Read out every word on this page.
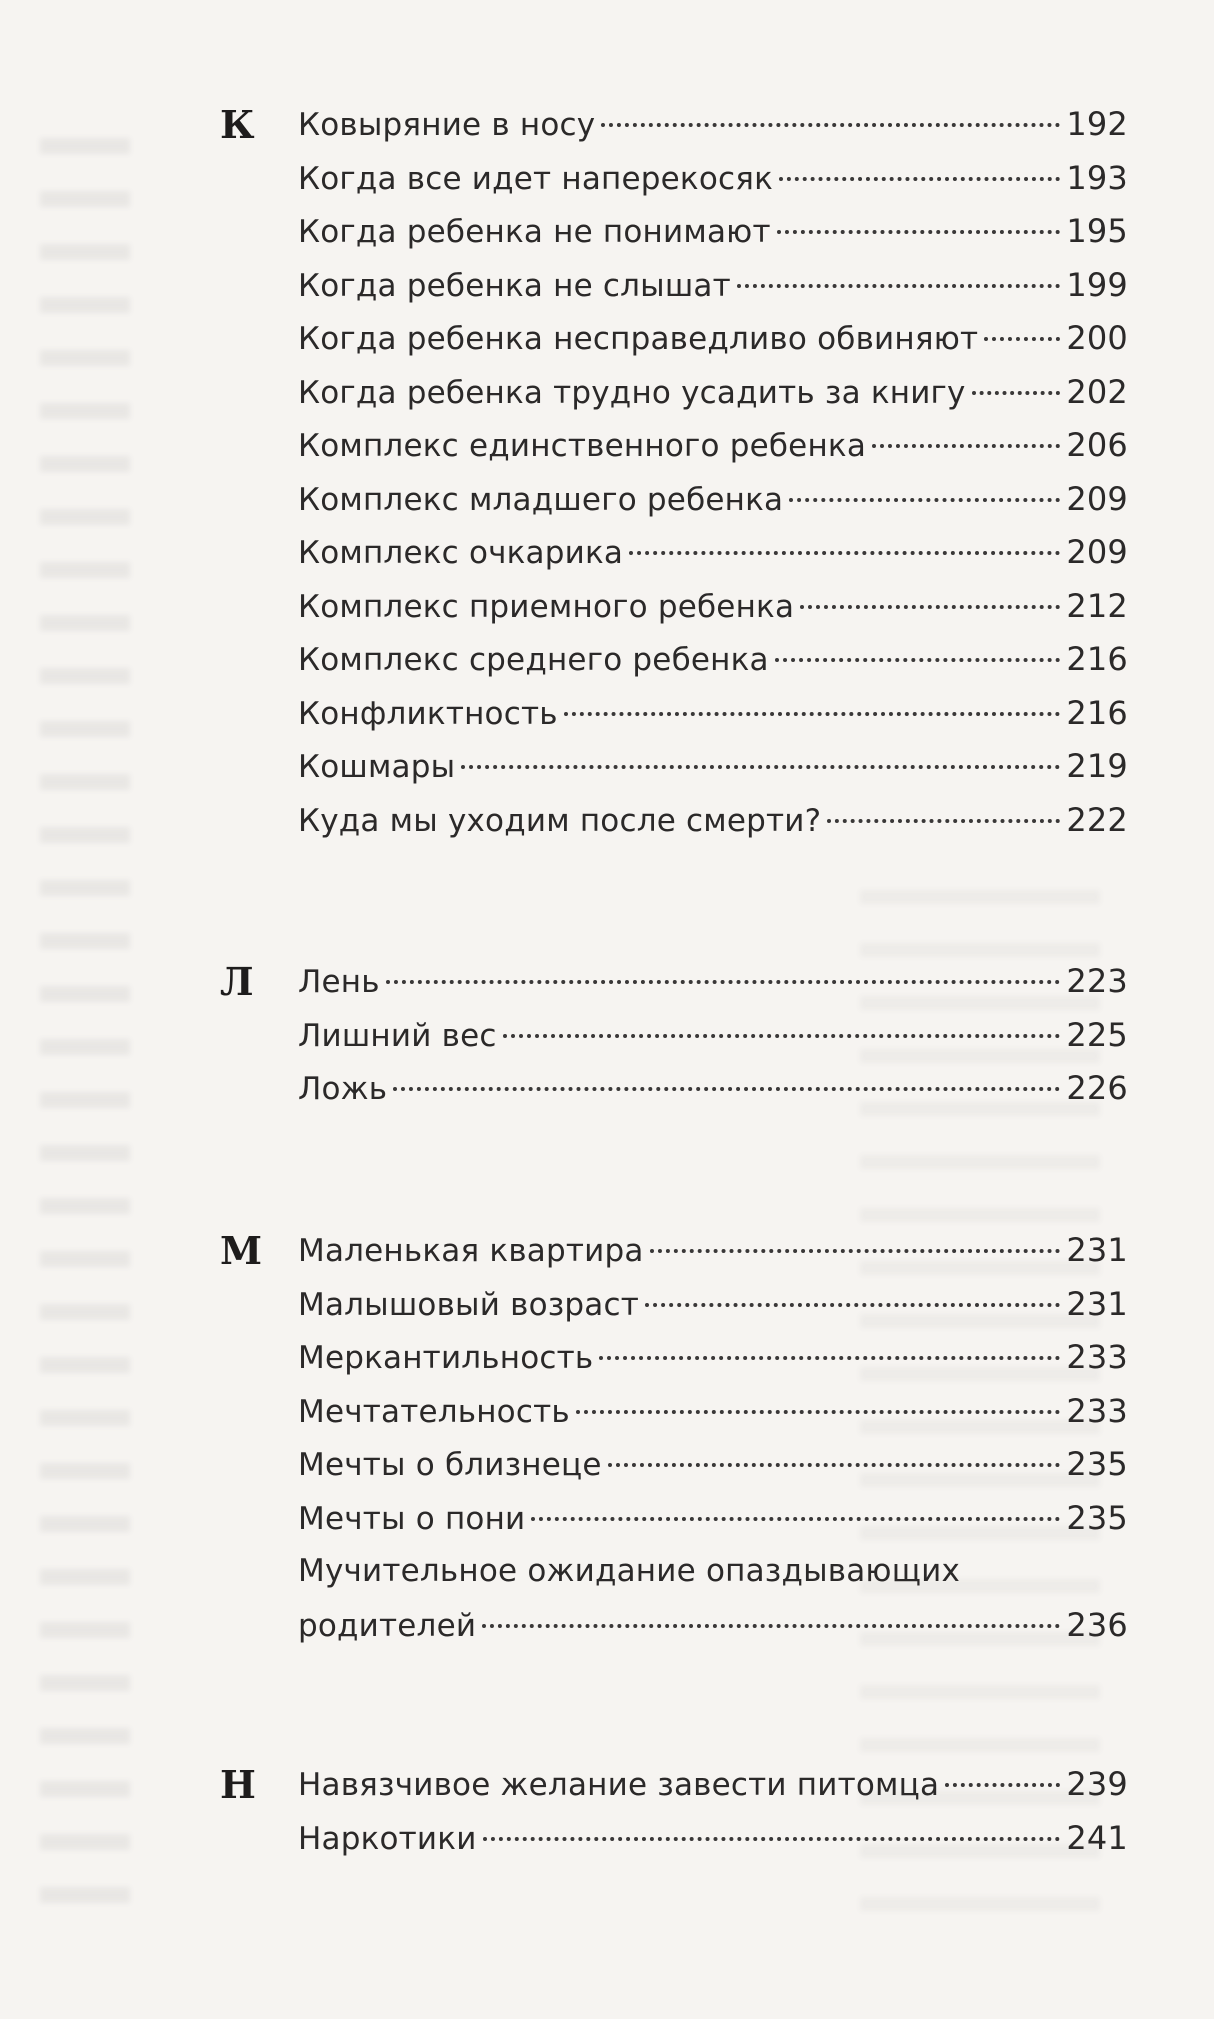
К	Ковыряние в носу	192
Когда все идет наперекосяк	193
Когда ребенка не понимают	195
Когда ребенка не слышат	199
Когда ребенка несправедливо обвиняют	200
Когда ребенка трудно усадить за книгу	202
Комплекс единственного ребенка	206
Комплекс младшего ребенка	209
Комплекс очкарика	209
Комплекс приемного ребенка	212
Комплекс среднего ребенка	216
Конфликтность	216
Кошмары	219
Куда мы уходим после смерти?	222
Л	Лень	223
Лишний вес	225
Ложь	226
М	Маленькая квартира	231
Малышовый возраст	231
Меркантильность	233
Мечтательность	233
Мечты о близнеце	235
Мечты о пони	235
Мучительное ожидание опаздывающих
родителей	236
Н	Навязчивое желание завести питомца	239
Наркотики	241
